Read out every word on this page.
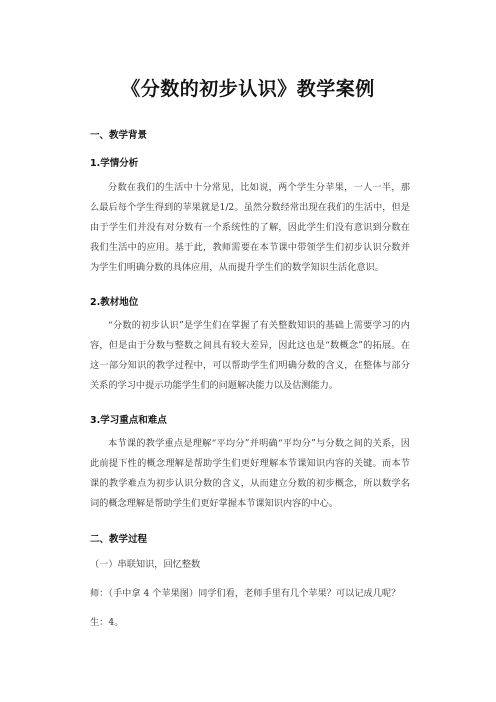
《分数的初步认识》教学案例
一、教学背景
1.学情分析
分数在我们的生活中十分常见，比如说，两个学生分苹果，一人一半，那么最后每个学生得到的苹果就是1/2。虽然分数经常出现在我们的生活中，但是由于学生们并没有对分数有一个系统性的了解，因此学生们没有意识到分数在我们生活中的应用。基于此，教师需要在本节课中带领学生们初步认识分数并为学生们明确分数的具体应用，从而提升学生们的数学知识生活化意识。
2.教材地位
“分数的初步认识”是学生们在掌握了有关整数知识的基础上需要学习的内容，但是由于分数与整数之间具有较大差异，因此这也是“数概念”的拓展。在这一部分知识的教学过程中，可以帮助学生们明确分数的含义，在整体与部分关系的学习中提示功能学生们的问题解决能力以及估测能力。
3.学习重点和难点
本节课的教学重点是理解“平均分”并明确“平均分”与分数之间的关系，因此前提下性的概念理解是帮助学生们更好理解本节课知识内容的关键。而本节课的教学难点为初步认识分数的含义，从而建立分数的初步概念，所以数学名词的概念理解是帮助学生们更好掌握本节课知识内容的中心。
二、教学过程
（一）串联知识，回忆整数
师：（手中拿 4 个苹果图）同学们看，老师手里有几个苹果？可以记成几呢？
生：4。
